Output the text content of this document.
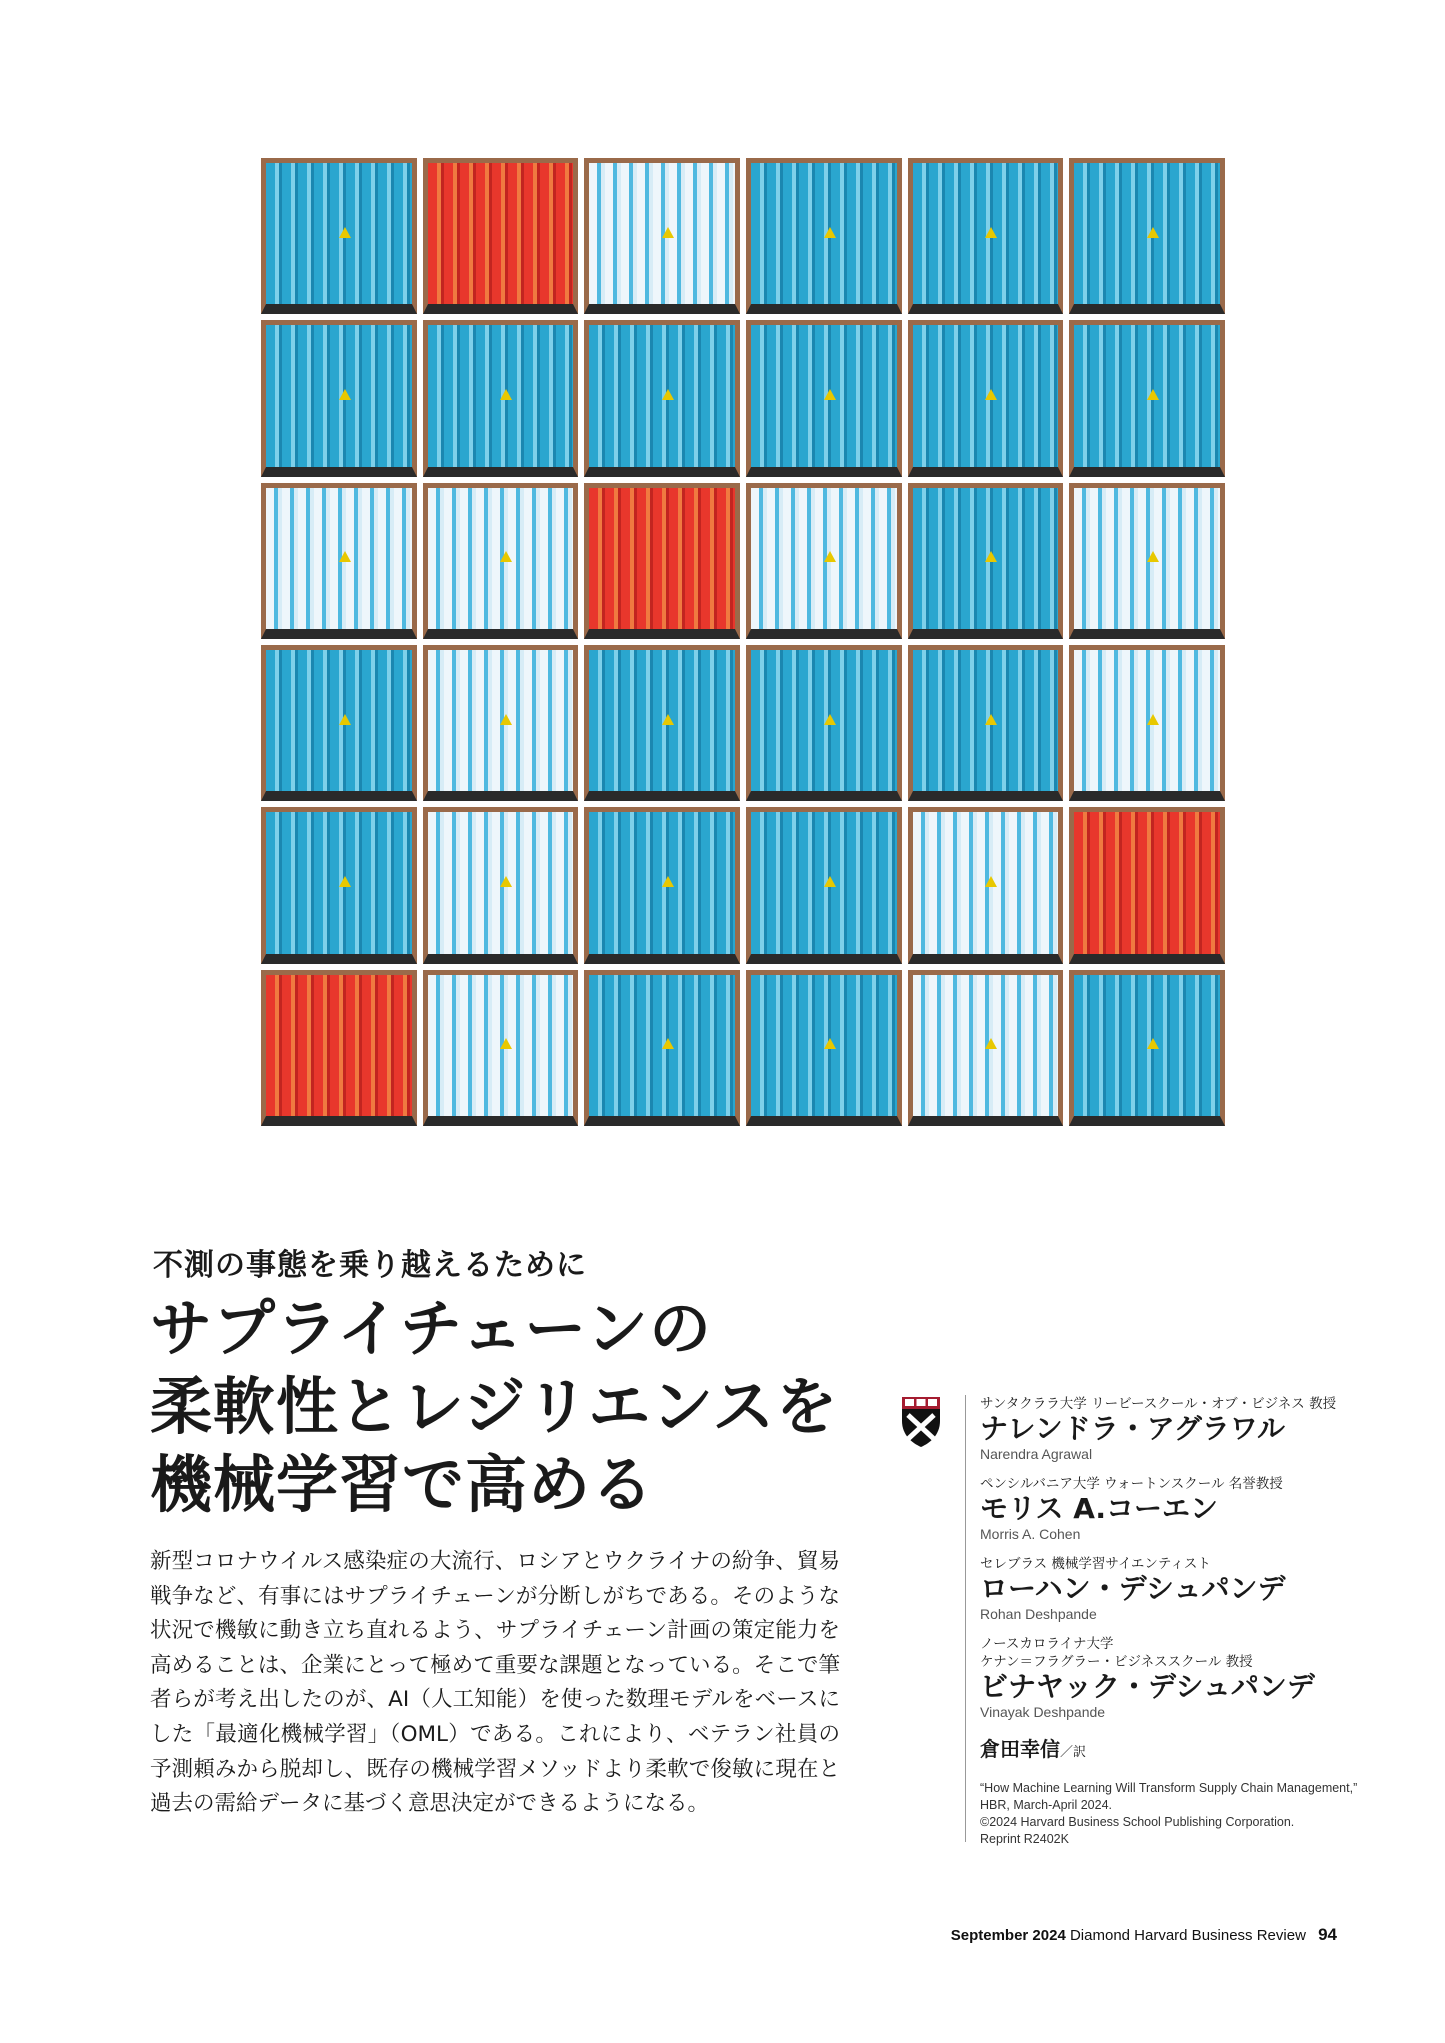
不測の事態を乗り越えるために
サプライチェーンの
柔軟性とレジリエンスを
機械学習で高める

新型コロナウイルス感染症の大流行、ロシアとウクライナの紛争、貿易戦争など、有事にはサプライチェーンが分断しがちである。そのような状況で機敏に動き立ち直れるよう、サプライチェーン計画の策定能力を高めることは、企業にとって極めて重要な課題となっている。そこで筆者らが考え出したのが、AI（人工知能）を使った数理モデルをベースにした「最適化機械学習」（OML）である。これにより、ベテラン社員の予測頼みから脱却し、既存の機械学習メソッドより柔軟で俊敏に現在と過去の需給データに基づく意思決定ができるようになる。

サンタクララ大学 リービースクール・オブ・ビジネス 教授
ナレンドラ・アグラワル
Narendra Agrawal
ペンシルバニア大学 ウォートンスクール 名誉教授
モリス A.コーエン
Morris A. Cohen
セレブラス 機械学習サイエンティスト
ローハン・デシュパンデ
Rohan Deshpande
ノースカロライナ大学
ケナン＝フラグラー・ビジネススクール 教授
ビナヤック・デシュパンデ
Vinayak Deshpande
倉田幸信／訳
“How Machine Learning Will Transform Supply Chain Management,”
HBR, March-April 2024.
©2024 Harvard Business School Publishing Corporation.
Reprint R2402K
September 2024 Diamond Harvard Business Review 94
